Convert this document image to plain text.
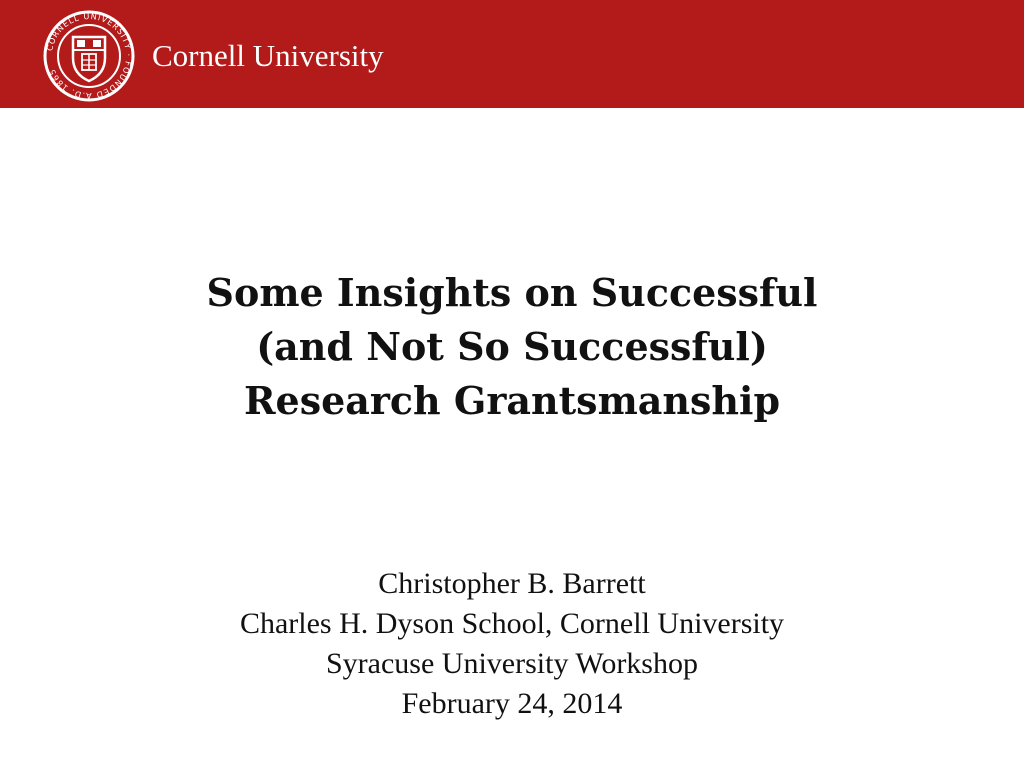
CORNELL UNIVERSITY · FOUNDED A.D. 1865	Cornell University
Some Insights on Successful
(and Not So Successful)
Research Grantsmanship
Christopher B. Barrett
Charles H. Dyson School, Cornell University
Syracuse University Workshop
February 24, 2014
